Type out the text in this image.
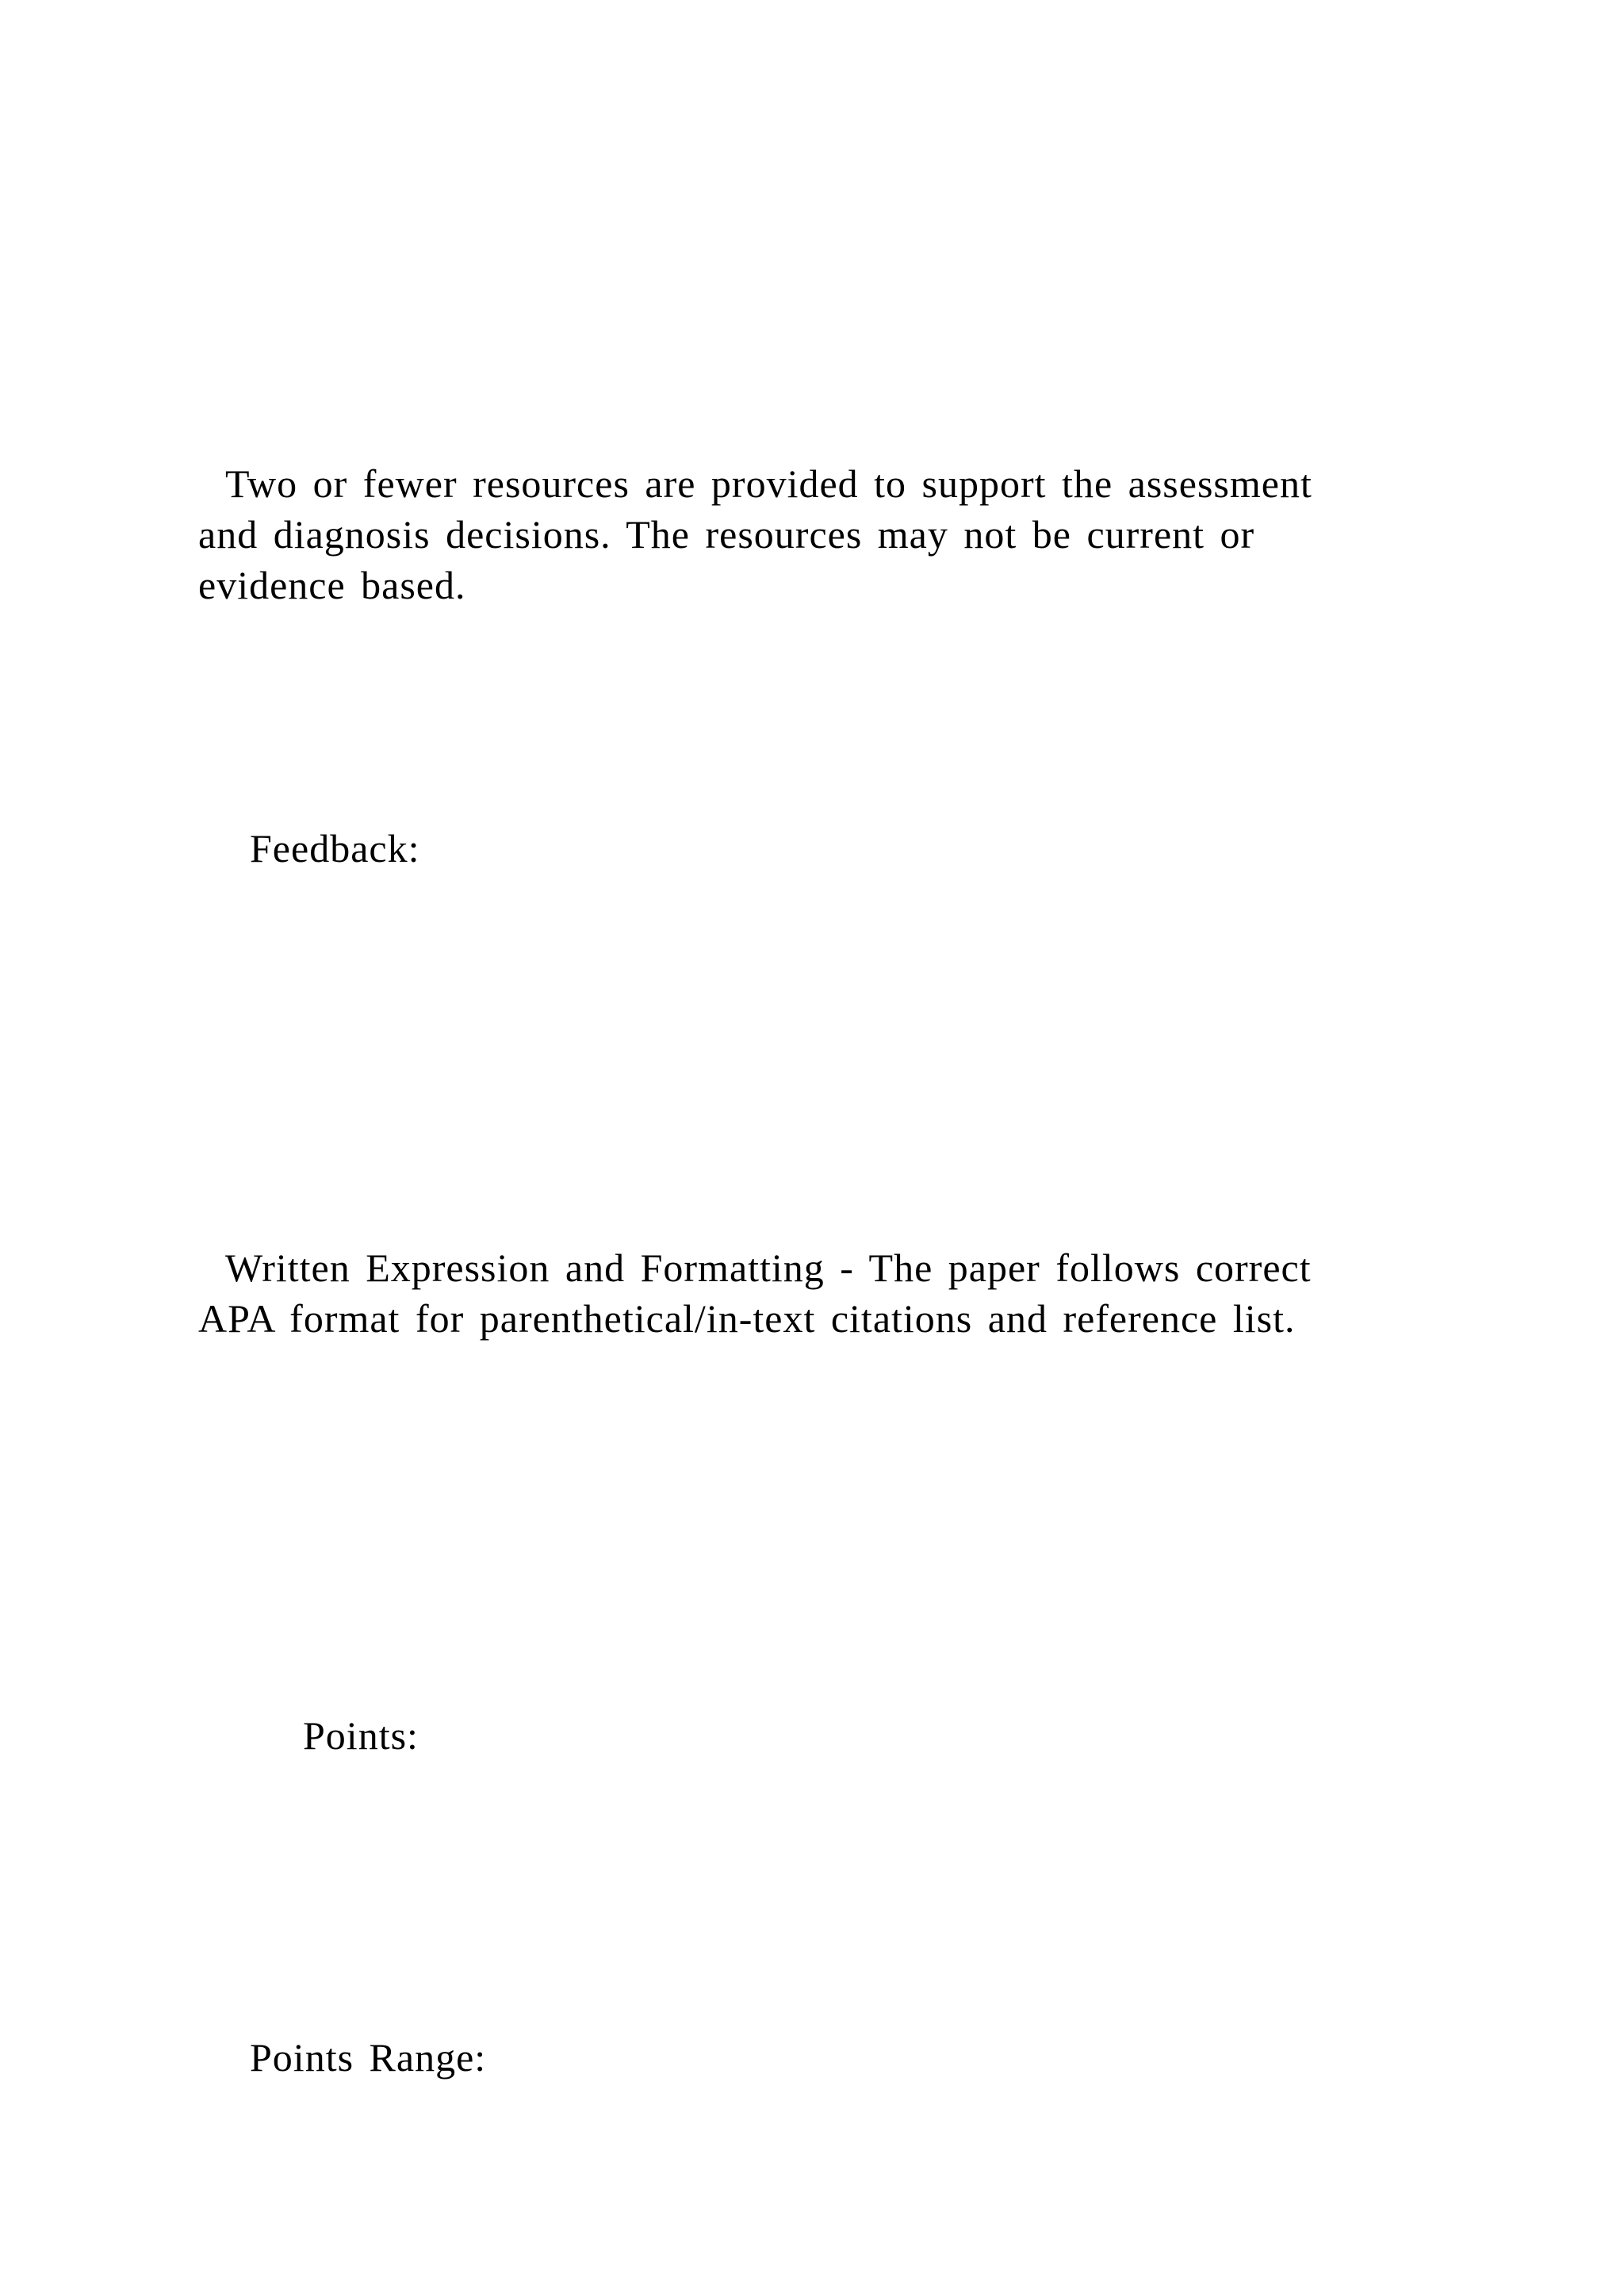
Two or fewer resources are provided to support the assessment
and diagnosis decisions. The resources may not be current or
evidence based.
Feedback:
Written Expression and Formatting - The paper follows correct
APA format for parenthetical/in-text citations and reference list.
Points:
Points Range:
